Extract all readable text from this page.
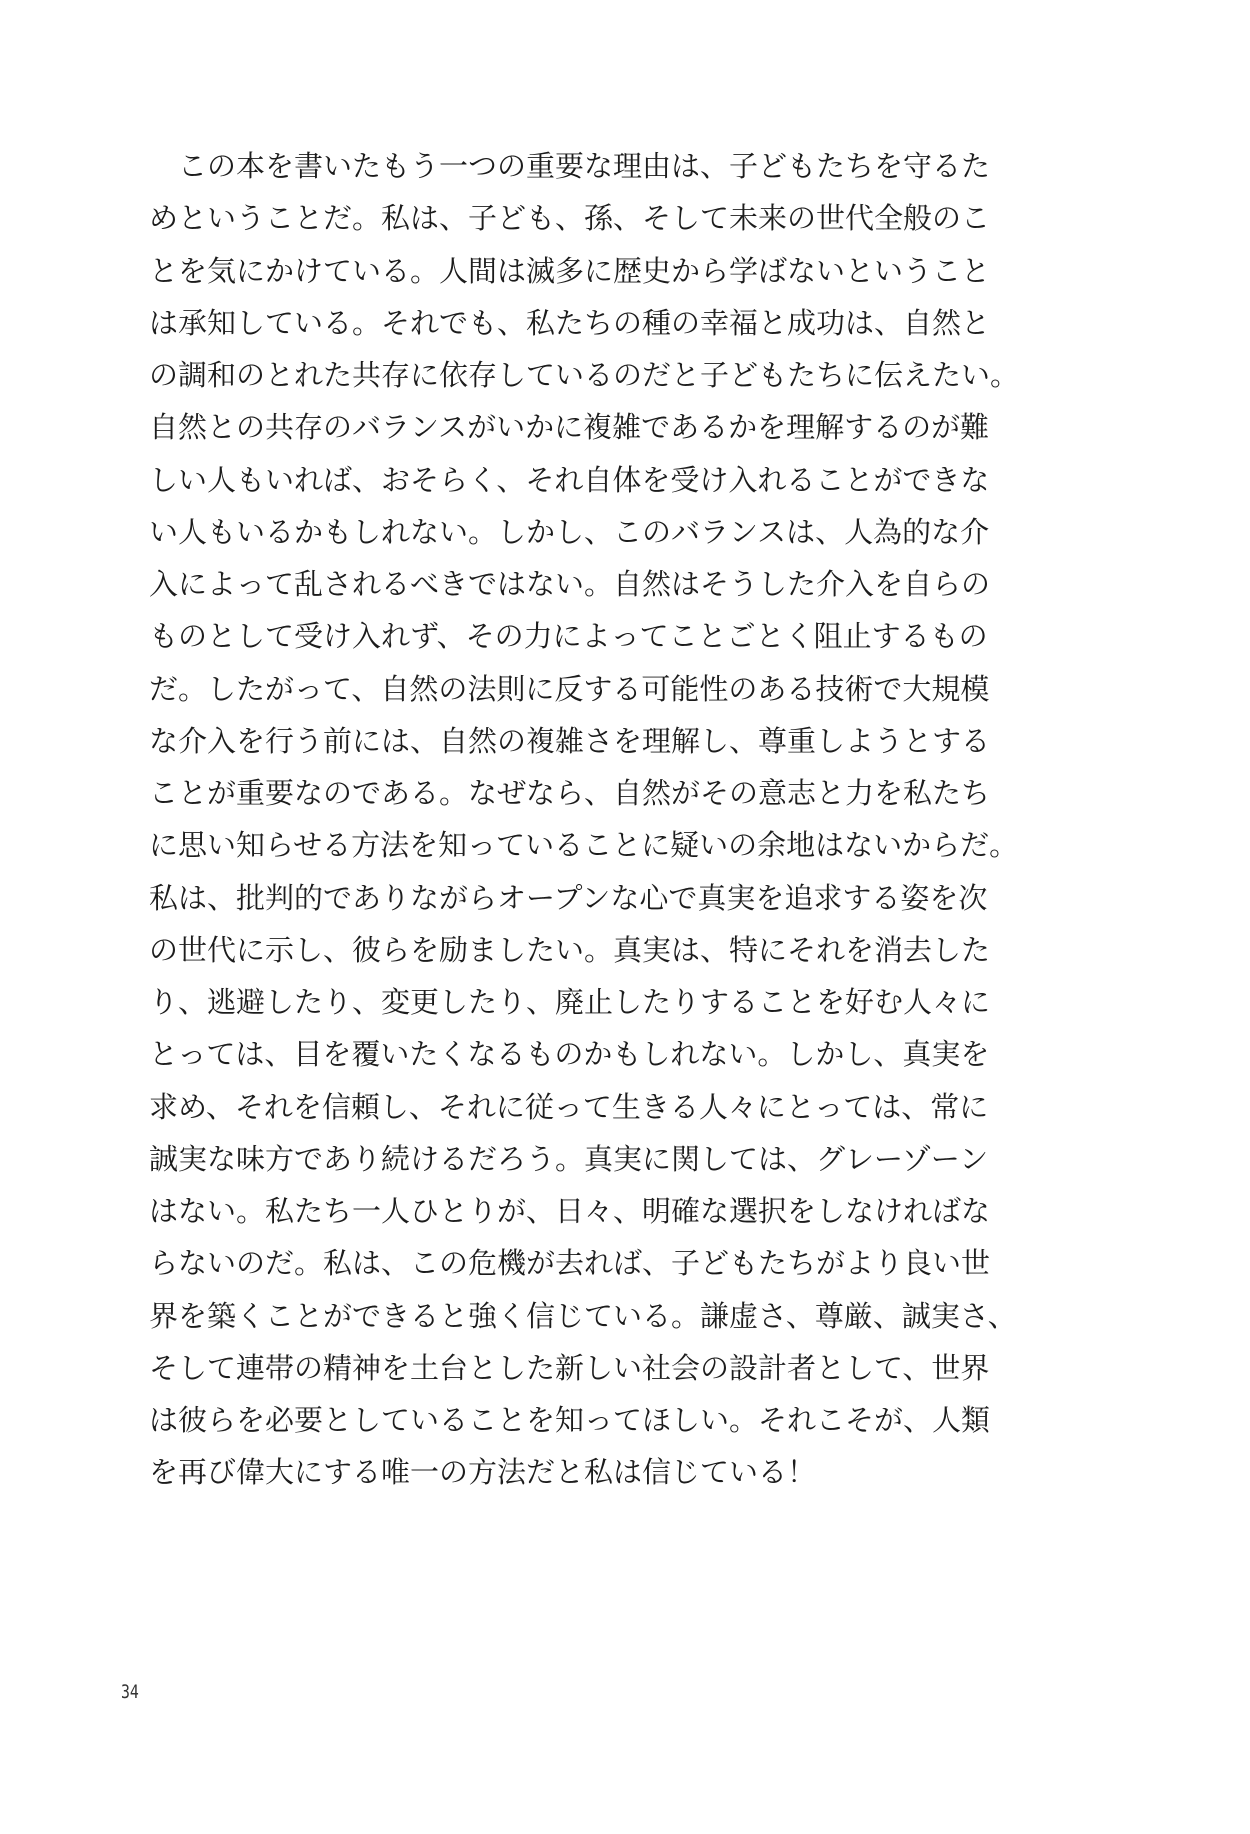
　この本を書いたもう一つの重要な理由は、子どもたちを守るた
めということだ。私は、子ども、孫、そして未来の世代全般のこ
とを気にかけている。人間は滅多に歴史から学ばないということ
は承知している。それでも、私たちの種の幸福と成功は、自然と
の調和のとれた共存に依存しているのだと子どもたちに伝えたい。
自然との共存のバランスがいかに複雑であるかを理解するのが難
しい人もいれば、おそらく、それ自体を受け入れることができな
い人もいるかもしれない。しかし、このバランスは、人為的な介
入によって乱されるべきではない。自然はそうした介入を自らの
ものとして受け入れず、その力によってことごとく阻止するもの
だ。したがって、自然の法則に反する可能性のある技術で大規模
な介入を行う前には、自然の複雑さを理解し、尊重しようとする
ことが重要なのである。なぜなら、自然がその意志と力を私たち
に思い知らせる方法を知っていることに疑いの余地はないからだ。
私は、批判的でありながらオープンな心で真実を追求する姿を次
の世代に示し、彼らを励ましたい。真実は、特にそれを消去した
り、逃避したり、変更したり、廃止したりすることを好む人々に
とっては、目を覆いたくなるものかもしれない。しかし、真実を
求め、それを信頼し、それに従って生きる人々にとっては、常に
誠実な味方であり続けるだろう。真実に関しては、グレーゾーン
はない。私たち一人ひとりが、日々、明確な選択をしなければな
らないのだ。私は、この危機が去れば、子どもたちがより良い世
界を築くことができると強く信じている。謙虚さ、尊厳、誠実さ、
そして連帯の精神を土台とした新しい社会の設計者として、世界
は彼らを必要としていることを知ってほしい。それこそが、人類
を再び偉大にする唯一の方法だと私は信じている！
34
